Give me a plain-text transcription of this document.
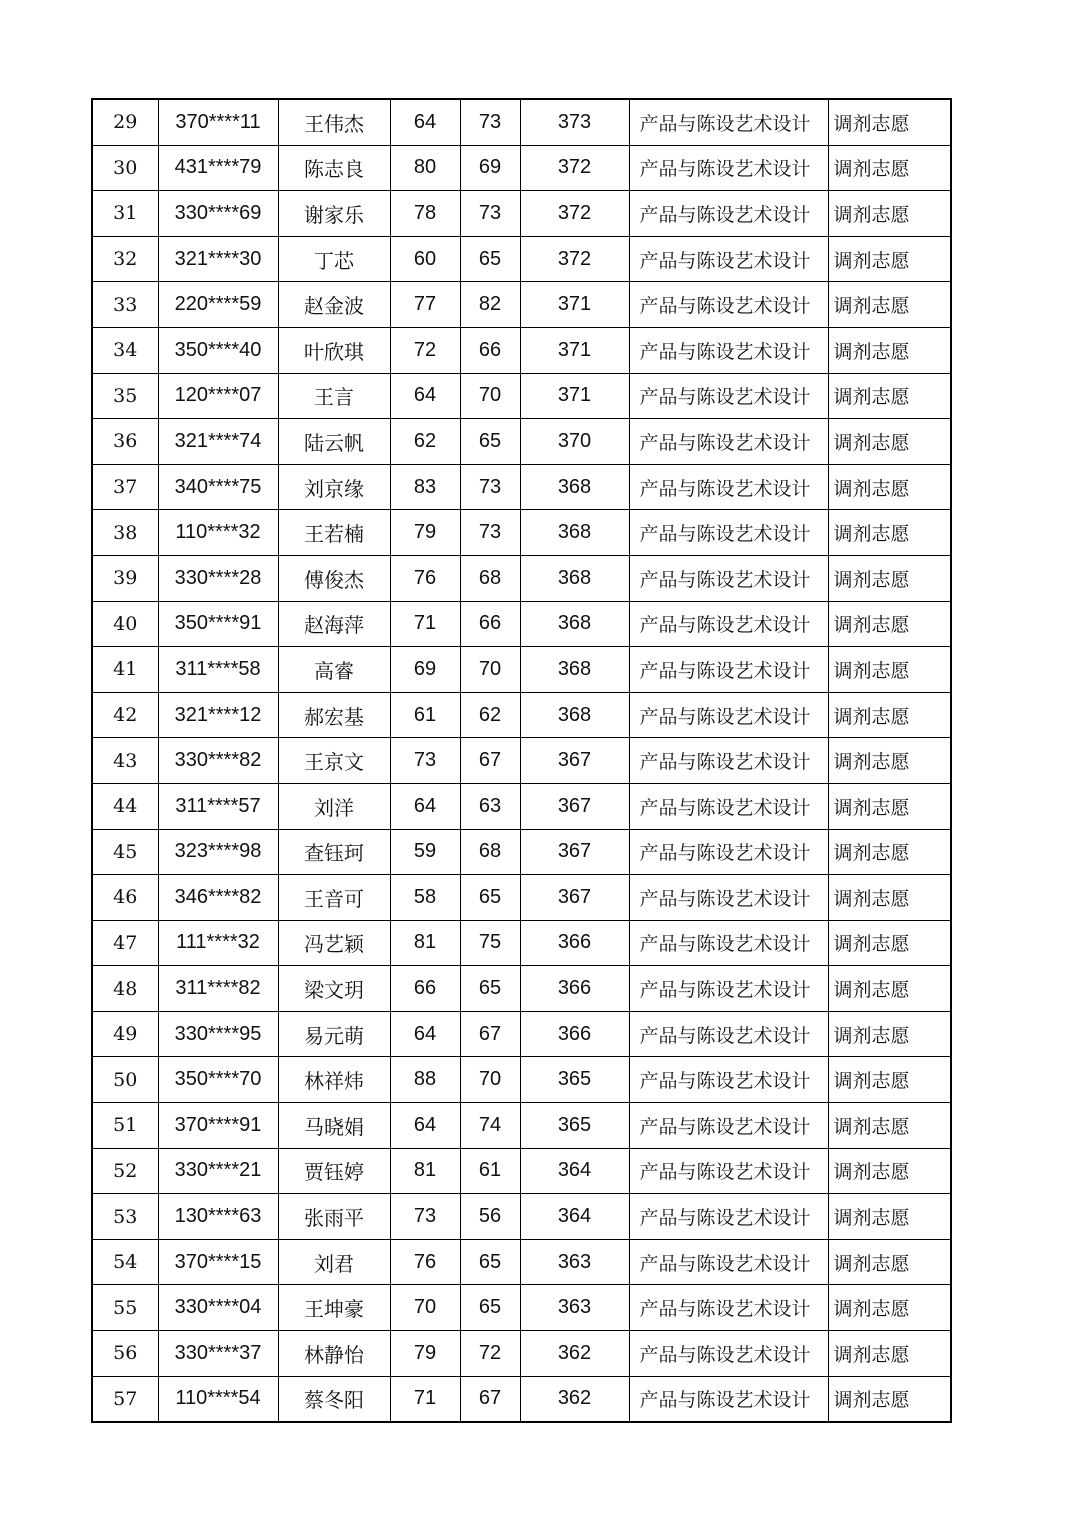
29	370****11	王伟杰	64	73	373	产品与陈设艺术设计	调剂志愿
30	431****79	陈志良	80	69	372	产品与陈设艺术设计	调剂志愿
31	330****69	谢家乐	78	73	372	产品与陈设艺术设计	调剂志愿
32	321****30	丁芯	60	65	372	产品与陈设艺术设计	调剂志愿
33	220****59	赵金波	77	82	371	产品与陈设艺术设计	调剂志愿
34	350****40	叶欣琪	72	66	371	产品与陈设艺术设计	调剂志愿
35	120****07	王言	64	70	371	产品与陈设艺术设计	调剂志愿
36	321****74	陆云帆	62	65	370	产品与陈设艺术设计	调剂志愿
37	340****75	刘京缘	83	73	368	产品与陈设艺术设计	调剂志愿
38	110****32	王若楠	79	73	368	产品与陈设艺术设计	调剂志愿
39	330****28	傅俊杰	76	68	368	产品与陈设艺术设计	调剂志愿
40	350****91	赵海萍	71	66	368	产品与陈设艺术设计	调剂志愿
41	311****58	高睿	69	70	368	产品与陈设艺术设计	调剂志愿
42	321****12	郝宏基	61	62	368	产品与陈设艺术设计	调剂志愿
43	330****82	王京文	73	67	367	产品与陈设艺术设计	调剂志愿
44	311****57	刘洋	64	63	367	产品与陈设艺术设计	调剂志愿
45	323****98	查钰珂	59	68	367	产品与陈设艺术设计	调剂志愿
46	346****82	王音可	58	65	367	产品与陈设艺术设计	调剂志愿
47	111****32	冯艺颖	81	75	366	产品与陈设艺术设计	调剂志愿
48	311****82	梁文玥	66	65	366	产品与陈设艺术设计	调剂志愿
49	330****95	易元萌	64	67	366	产品与陈设艺术设计	调剂志愿
50	350****70	林祥炜	88	70	365	产品与陈设艺术设计	调剂志愿
51	370****91	马晓娟	64	74	365	产品与陈设艺术设计	调剂志愿
52	330****21	贾钰婷	81	61	364	产品与陈设艺术设计	调剂志愿
53	130****63	张雨平	73	56	364	产品与陈设艺术设计	调剂志愿
54	370****15	刘君	76	65	363	产品与陈设艺术设计	调剂志愿
55	330****04	王坤豪	70	65	363	产品与陈设艺术设计	调剂志愿
56	330****37	林静怡	79	72	362	产品与陈设艺术设计	调剂志愿
57	110****54	蔡冬阳	71	67	362	产品与陈设艺术设计	调剂志愿
